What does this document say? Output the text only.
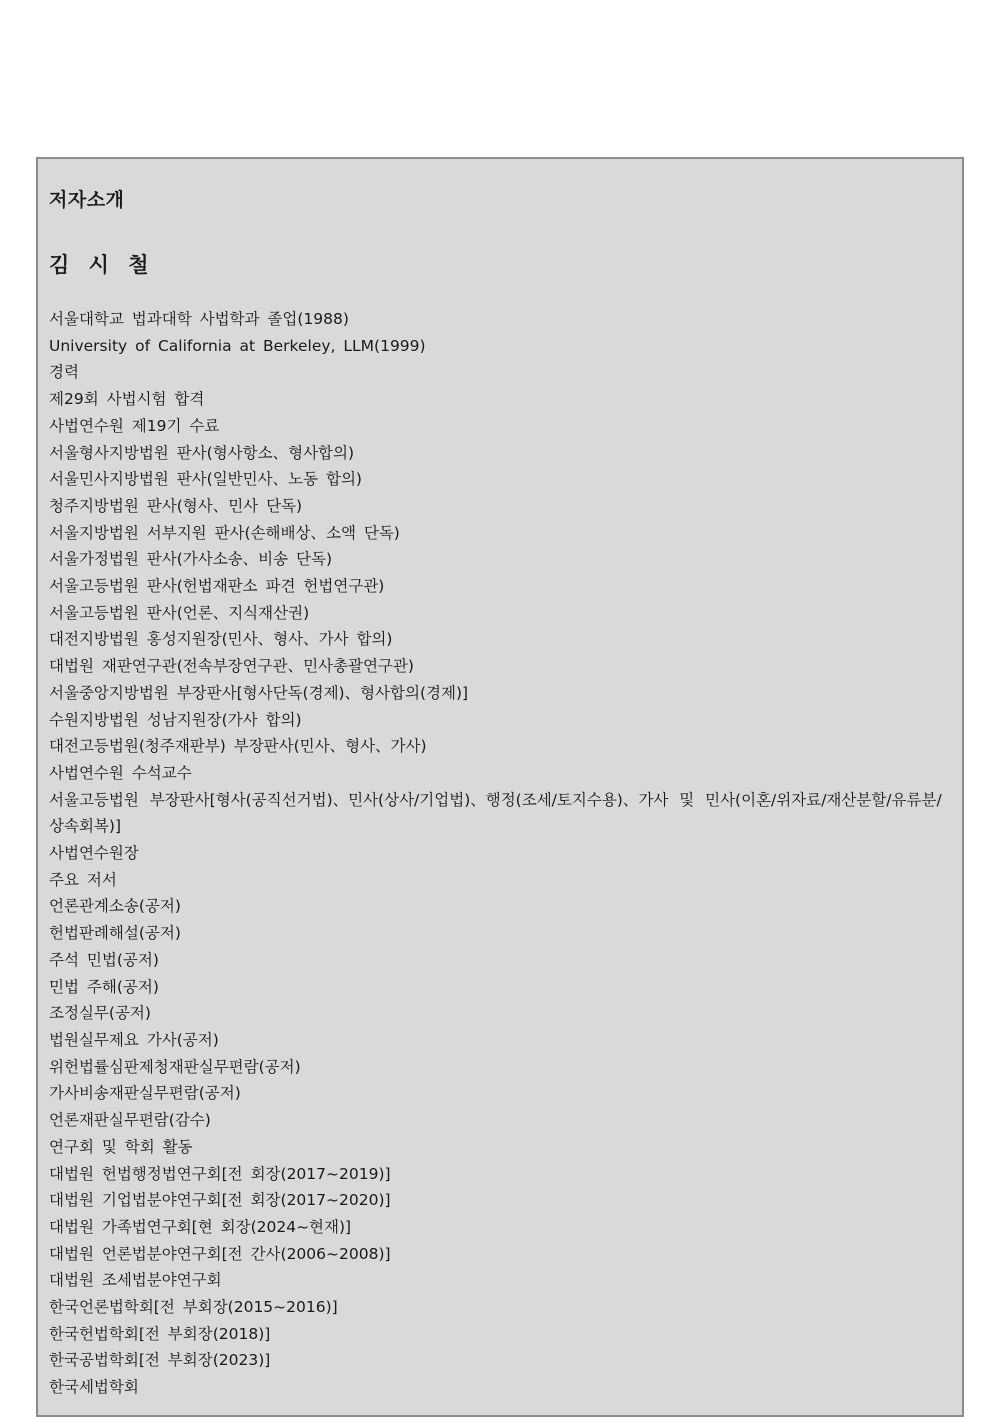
저자소개
김 시 철
서울대학교 법과대학 사법학과 졸업(1988)
University of California at Berkeley, LLM(1999)
경력
제29회 사법시험 합격
사법연수원 제19기 수료
서울형사지방법원 판사(형사항소、형사합의)
서울민사지방법원 판사(일반민사、노동 합의)
청주지방법원 판사(형사、민사 단독)
서울지방법원 서부지원 판사(손해배상、소액 단독)
서울가정법원 판사(가사소송、비송 단독)
서울고등법원 판사(헌법재판소 파견 헌법연구관)
서울고등법원 판사(언론、지식재산권)
대전지방법원 홍성지원장(민사、형사、가사 합의)
대법원 재판연구관(전속부장연구관、민사총괄연구관)
서울중앙지방법원 부장판사[형사단독(경제)、형사합의(경제)]
수원지방법원 성남지원장(가사 합의)
대전고등법원(청주재판부) 부장판사(민사、형사、가사)
사법연수원 수석교수
서울고등법원 부장판사[형사(공직선거법)、민사(상사/기업법)、행정(조세/토지수용)、가사 및 민사(이혼/위자료/재산분할/유류분/상속회복)]
사법연수원장
주요 저서
언론관계소송(공저)
헌법판례해설(공저)
주석 민법(공저)
민법 주해(공저)
조정실무(공저)
법원실무제요 가사(공저)
위헌법률심판제청재판실무편람(공저)
가사비송재판실무편람(공저)
언론재판실무편람(감수)
연구회 및 학회 활동
대법원 헌법행정법연구회[전 회장(2017~2019)]
대법원 기업법분야연구회[전 회장(2017~2020)]
대법원 가족법연구회[현 회장(2024~현재)]
대법원 언론법분야연구회[전 간사(2006~2008)]
대법원 조세법분야연구회
한국언론법학회[전 부회장(2015~2016)]
한국헌법학회[전 부회장(2018)]
한국공법학회[전 부회장(2023)]
한국세법학회
